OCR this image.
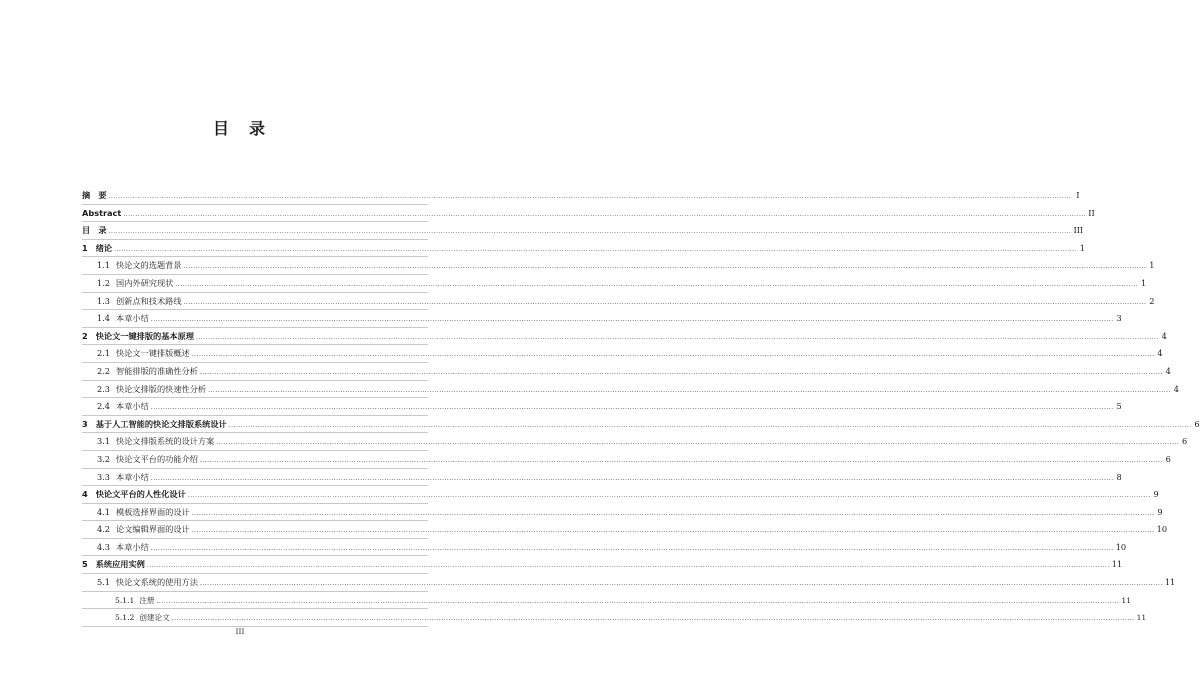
目　录
摘　要 ................................................................................................................................................................................................................................................................................................................................................................................................................ I
Abstract ................................................................................................................................................................................................................................................................................................................................................................................................................ II
目　录 ................................................................................................................................................................................................................................................................................................................................................................................................................ III
1 绪论 ................................................................................................................................................................................................................................................................................................................................................................................................................ 1
1.1 快论文的选题背景 ................................................................................................................................................................................................................................................................................................................................................................................................................ 1
1.2 国内外研究现状 ................................................................................................................................................................................................................................................................................................................................................................................................................ 1
1.3 创新点和技术路线 ................................................................................................................................................................................................................................................................................................................................................................................................................ 2
1.4 本章小结 ................................................................................................................................................................................................................................................................................................................................................................................................................ 3
2 快论文一键排版的基本原理 ................................................................................................................................................................................................................................................................................................................................................................................................................ 4
2.1 快论文一键排版概述 ................................................................................................................................................................................................................................................................................................................................................................................................................ 4
2.2 智能排版的准确性分析 ................................................................................................................................................................................................................................................................................................................................................................................................................ 4
2.3 快论文排版的快速性分析 ................................................................................................................................................................................................................................................................................................................................................................................................................ 4
2.4 本章小结 ................................................................................................................................................................................................................................................................................................................................................................................................................ 5
3 基于人工智能的快论文排版系统设计 ................................................................................................................................................................................................................................................................................................................................................................................................................ 6
3.1 快论文排版系统的设计方案 ................................................................................................................................................................................................................................................................................................................................................................................................................ 6
3.2 快论文平台的功能介绍 ................................................................................................................................................................................................................................................................................................................................................................................................................ 6
3.3 本章小结 ................................................................................................................................................................................................................................................................................................................................................................................................................ 8
4 快论文平台的人性化设计 ................................................................................................................................................................................................................................................................................................................................................................................................................ 9
4.1 模板选择界面的设计 ................................................................................................................................................................................................................................................................................................................................................................................................................ 9
4.2 论文编辑界面的设计 ................................................................................................................................................................................................................................................................................................................................................................................................................ 10
4.3 本章小结 ................................................................................................................................................................................................................................................................................................................................................................................................................ 10
5 系统应用实例 ................................................................................................................................................................................................................................................................................................................................................................................................................ 11
5.1 快论文系统的使用方法 ................................................................................................................................................................................................................................................................................................................................................................................................................ 11
5.1.1 注册 ................................................................................................................................................................................................................................................................................................................................................................................................................ 11
5.1.2 创建论文 ................................................................................................................................................................................................................................................................................................................................................................................................................ 11
III
